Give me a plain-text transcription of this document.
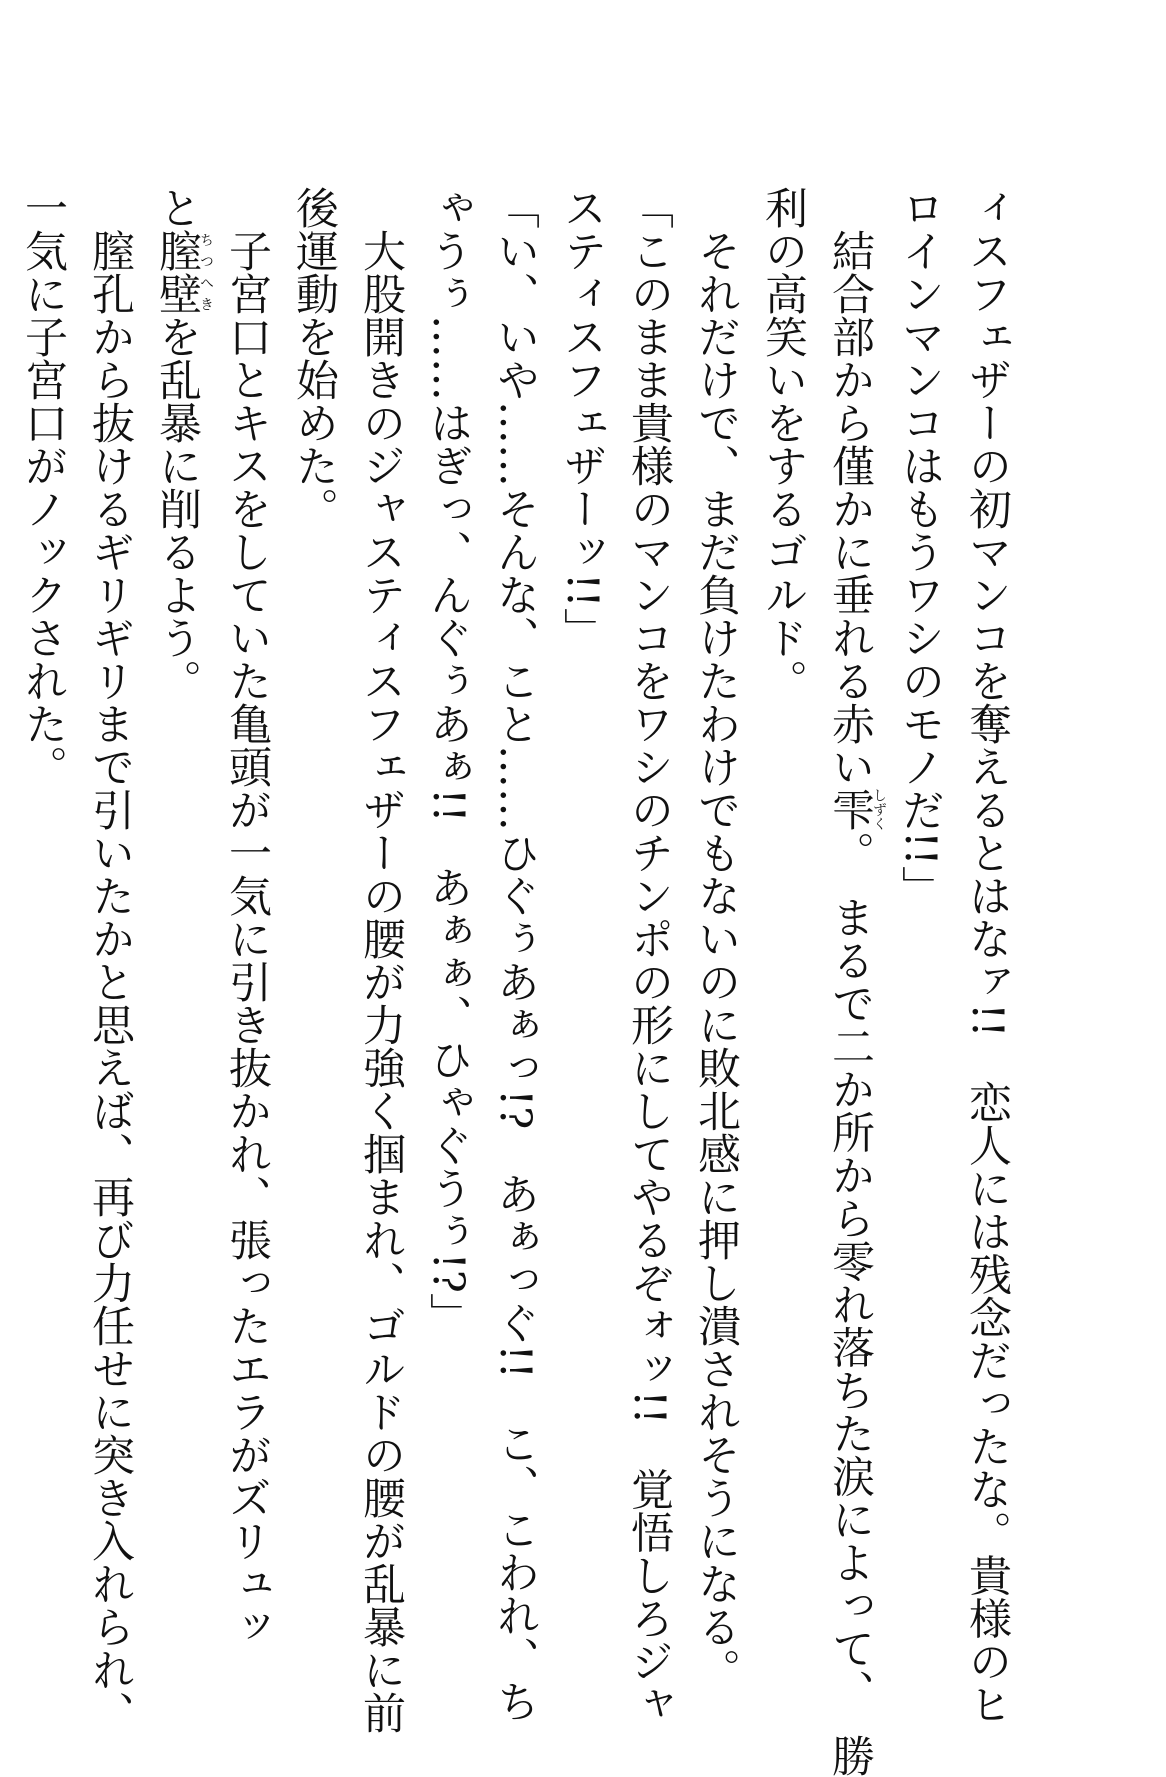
ィスフェザーの初マンコを奪えるとはなァ!!　恋人には残念だったな。貴様のヒ
ロインマンコはもうワシのモノだ!!」
　結合部から僅かに垂れる赤い雫しずく。　まるで二か所から零れ落ちた涙によって、　勝
利の高笑いをするゴルド。
　それだけで、まだ負けたわけでもないのに敗北感に押し潰されそうになる。
「このまま貴様のマンコをワシのチンポの形にしてやるぞォッ!!　覚悟しろジャ
スティスフェザーッ!!」
「い、いや……そんな、こと……ひぐぅあぁっ!?　あぁっぐ!!　こ、こわれ、ち
ゃうぅ……はぎっ、んぐぅあぁ!!　あぁぁ、ひゃぐうぅ!?」
　大股開きのジャスティスフェザーの腰が力強く掴まれ、ゴルドの腰が乱暴に前
後運動を始めた。
　子宮口とキスをしていた亀頭が一気に引き抜かれ、張ったエラがズリュッ
と膣壁ちつへきを乱暴に削るよう。
　膣孔から抜けるギリギリまで引いたかと思えば、再び力任せに突き入れられ、
一気に子宮口がノックされた。
